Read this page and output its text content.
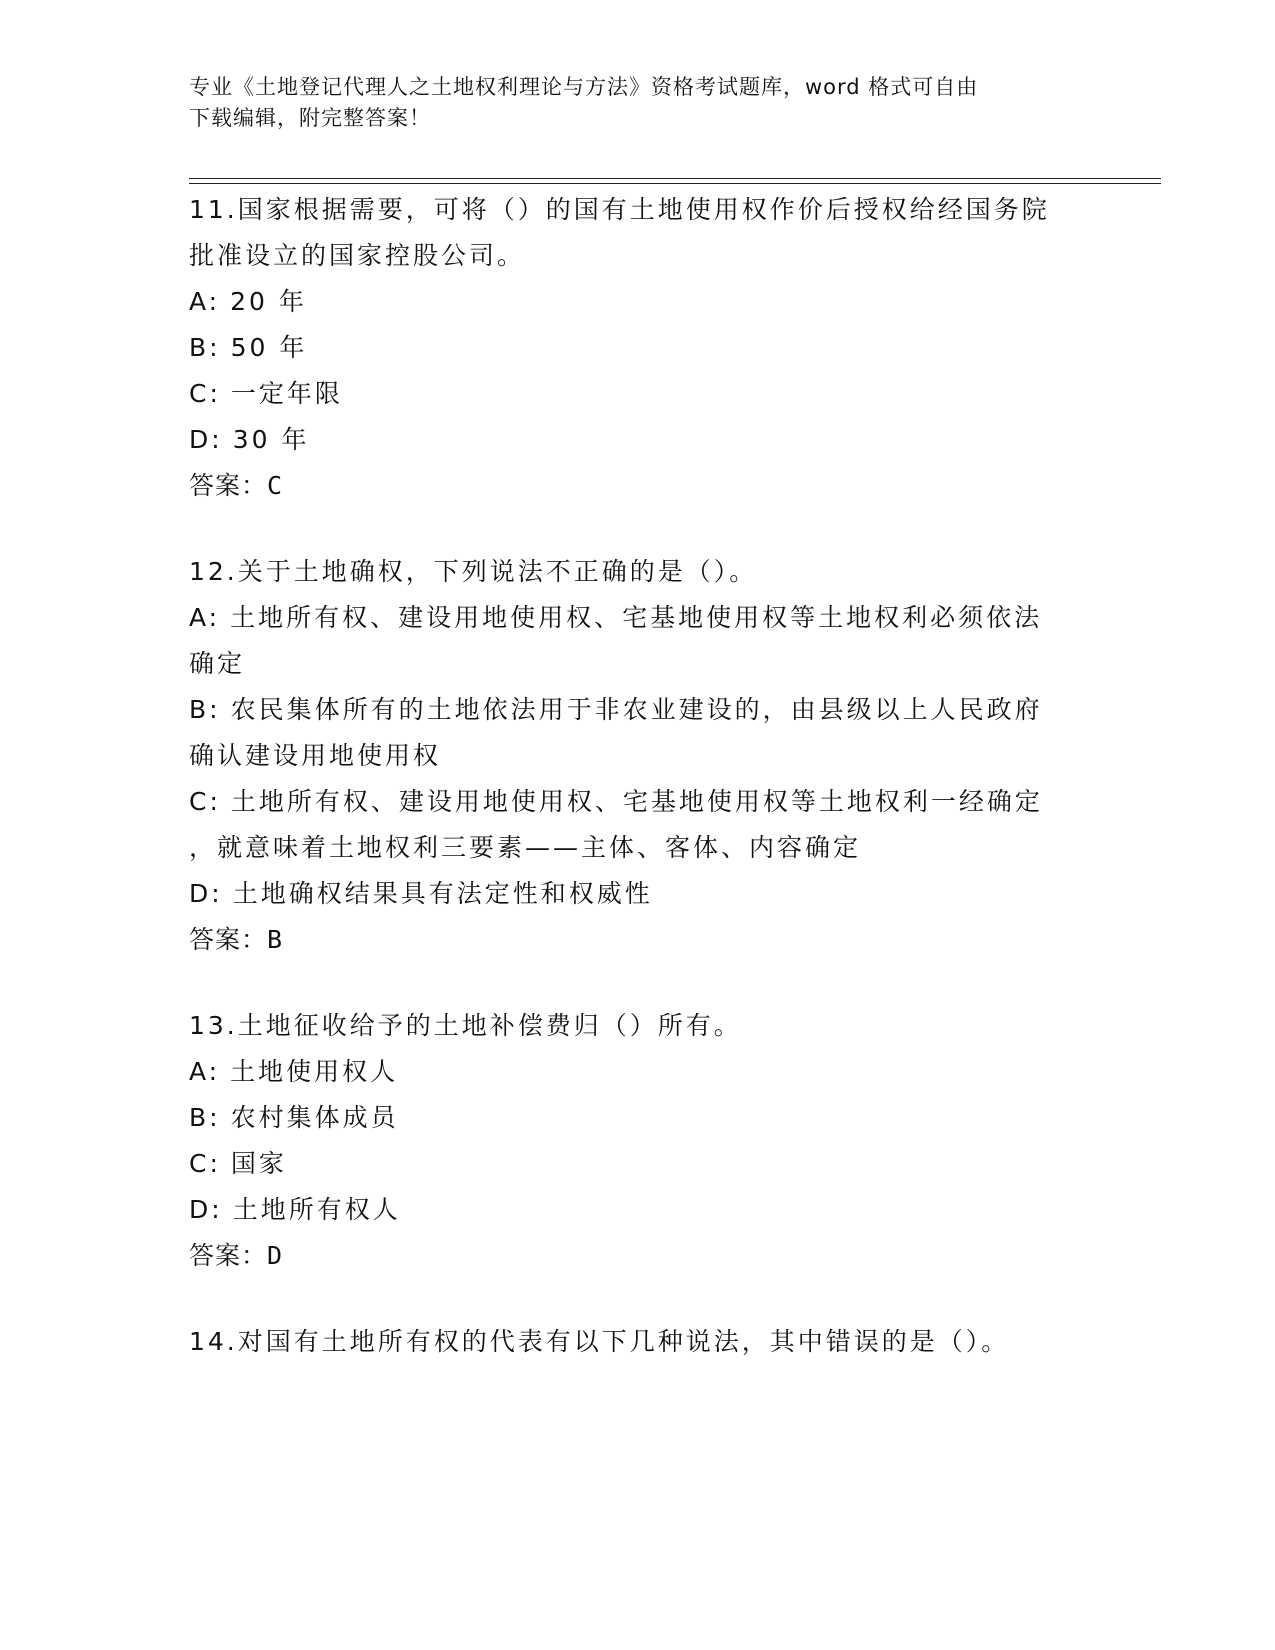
专业《土地登记代理人之土地权利理论与方法》资格考试题库，word 格式可自由
下载编辑，附完整答案！
11.国家根据需要，可将（）的国有土地使用权作价后授权给经国务院
批准设立的国家控股公司。
A: 20 年
B: 50 年
C: 一定年限
D: 30 年
答案：C
12.关于土地确权，下列说法不正确的是（）。
A: 土地所有权、建设用地使用权、宅基地使用权等土地权利必须依法
确定
B: 农民集体所有的土地依法用于非农业建设的，由县级以上人民政府
确认建设用地使用权
C: 土地所有权、建设用地使用权、宅基地使用权等土地权利一经确定
，就意味着土地权利三要素——主体、客体、内容确定
D: 土地确权结果具有法定性和权威性
答案：B
13.土地征收给予的土地补偿费归（）所有。
A: 土地使用权人
B: 农村集体成员
C: 国家
D: 土地所有权人
答案：D
14.对国有土地所有权的代表有以下几种说法，其中错误的是（）。
